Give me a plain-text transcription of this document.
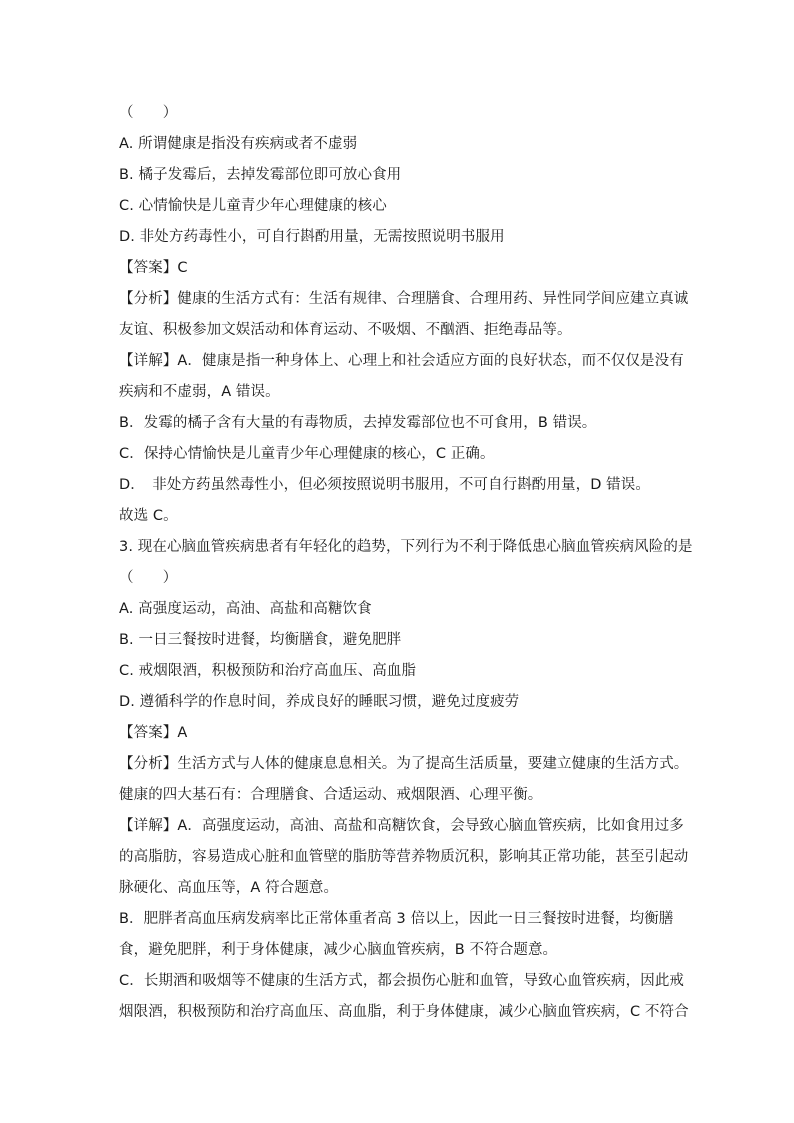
（　　）
A. 所谓健康是指没有疾病或者不虚弱
B. 橘子发霉后，去掉发霉部位即可放心食用
C. 心情愉快是儿童青少年心理健康的核心
D. 非处方药毒性小，可自行斟酌用量，无需按照说明书服用
【答案】C
【分析】健康的生活方式有：生活有规律、合理膳食、合理用药、异性同学间应建立真诚
友谊、积极参加文娱活动和体育运动、不吸烟、不酗酒、拒绝毒品等。
【详解】A．健康是指一种身体上、心理上和社会适应方面的良好状态，而不仅仅是没有
疾病和不虚弱，A 错误。
B．发霉的橘子含有大量的有毒物质，去掉发霉部位也不可食用，B 错误。
C．保持心情愉快是儿童青少年心理健康的核心，C 正确。
D．　非处方药虽然毒性小，但必须按照说明书服用，不可自行斟酌用量，D 错误。
故选 C。
3. 现在心脑血管疾病患者有年轻化的趋势，下列行为不利于降低患心脑血管疾病风险的是
（　　）
A. 高强度运动，高油、高盐和高糖饮食
B. 一日三餐按时进餐，均衡膳食，避免肥胖
C. 戒烟限酒，积极预防和治疗高血压、高血脂
D. 遵循科学的作息时间，养成良好的睡眠习惯，避免过度疲劳
【答案】A
【分析】生活方式与人体的健康息息相关。为了提高生活质量，要建立健康的生活方式。
健康的四大基石有：合理膳食、合适运动、戒烟限酒、心理平衡。
【详解】A．高强度运动，高油、高盐和高糖饮食，会导致心脑血管疾病，比如食用过多
的高脂肪，容易造成心脏和血管壁的脂肪等营养物质沉积，影响其正常功能，甚至引起动
脉硬化、高血压等，A 符合题意。
B．肥胖者高血压病发病率比正常体重者高 3 倍以上，因此一日三餐按时进餐，均衡膳
食，避免肥胖，利于身体健康，减少心脑血管疾病，B 不符合题意。
C．长期酒和吸烟等不健康的生活方式，都会损伤心脏和血管，导致心血管疾病，因此戒
烟限酒，积极预防和治疗高血压、高血脂，利于身体健康，减少心脑血管疾病，C 不符合
